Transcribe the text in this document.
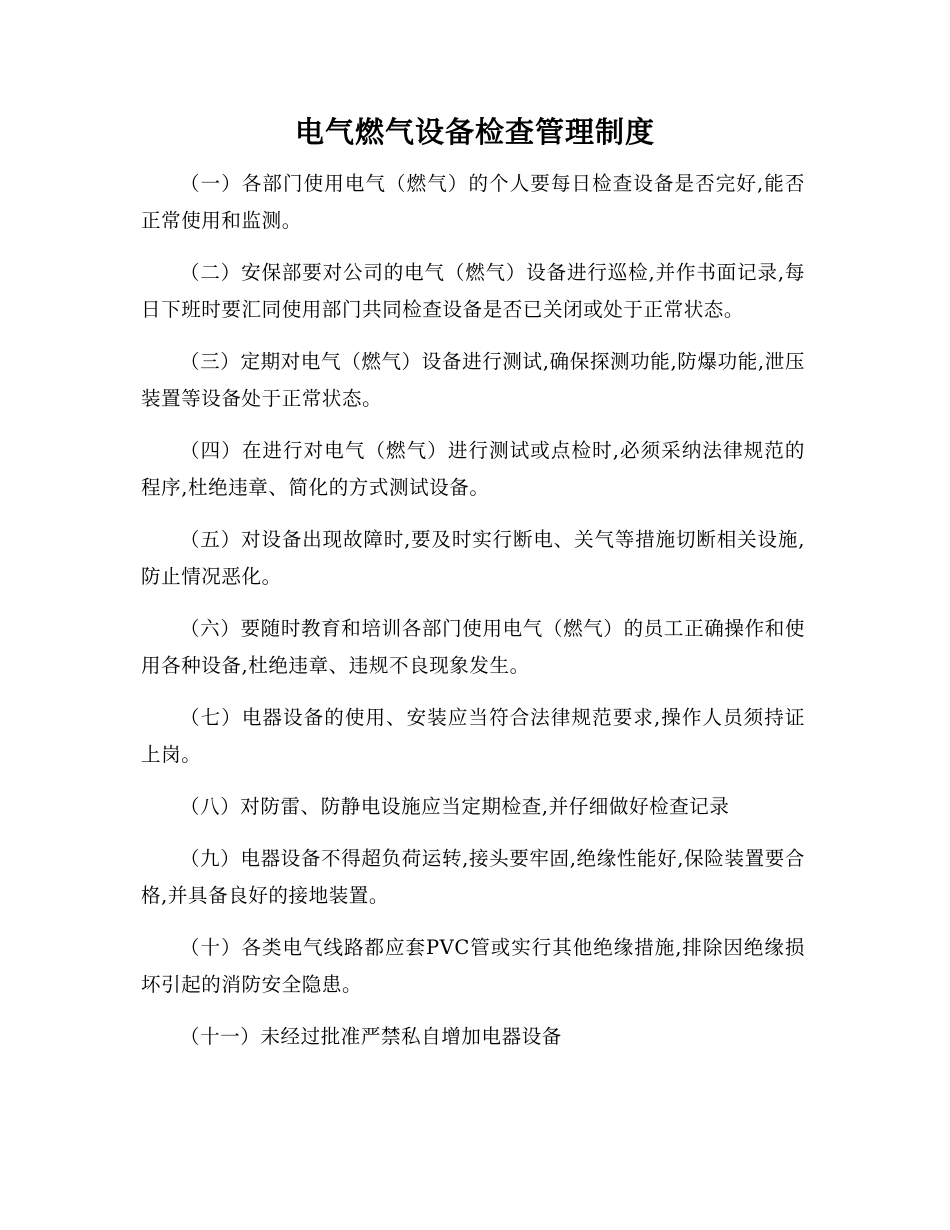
电气燃气设备检查管理制度

（一）各部门使用电气（燃气）的个人要每日检查设备是否完好,能否正常使用和监测。

（二）安保部要对公司的电气（燃气）设备进行巡检,并作书面记录,每日下班时要汇同使用部门共同检查设备是否已关闭或处于正常状态。

（三）定期对电气（燃气）设备进行测试,确保探测功能,防爆功能,泄压装置等设备处于正常状态。

（四）在进行对电气（燃气）进行测试或点检时,必须采纳法律规范的程序,杜绝违章、简化的方式测试设备。

（五）对设备出现故障时,要及时实行断电、关气等措施切断相关设施,防止情况恶化。

（六）要随时教育和培训各部门使用电气（燃气）的员工正确操作和使用各种设备,杜绝违章、违规不良现象发生。

（七）电器设备的使用、安装应当符合法律规范要求,操作人员须持证上岗。

（八）对防雷、防静电设施应当定期检查,并仔细做好检查记录

（九）电器设备不得超负荷运转,接头要牢固,绝缘性能好,保险装置要合格,并具备良好的接地装置。

（十）各类电气线路都应套PVC管或实行其他绝缘措施,排除因绝缘损坏引起的消防安全隐患。

（十一）未经过批准严禁私自增加电器设备
